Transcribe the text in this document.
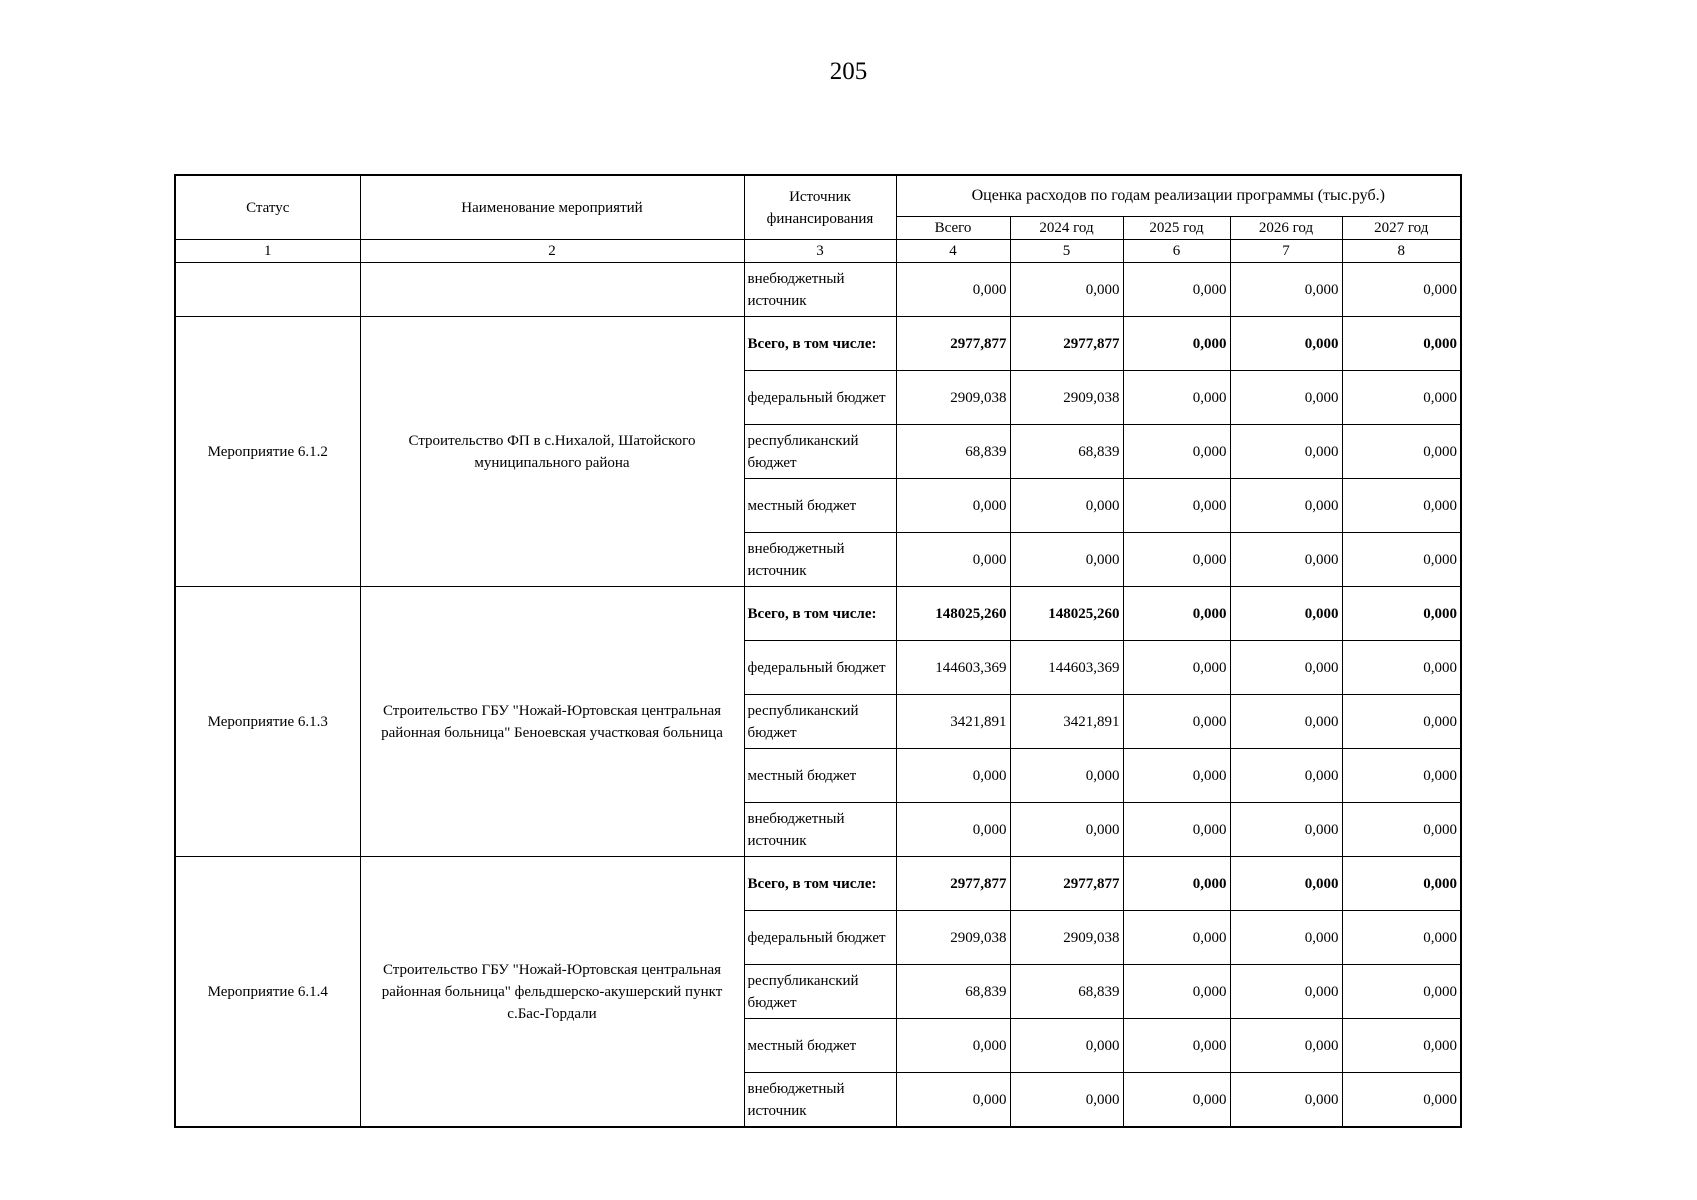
205
Статус	Наименование мероприятий	Источник финансирования	Оценка расходов по годам реализации программы (тыс.руб.)				
			Всего	2024 год	2025 год	2026 год	2027 год
1	2	3	4	5	6	7	8
		внебюджетный источник	0,000	0,000	0,000	0,000	0,000
Мероприятие 6.1.2	Строительство ФП в с.Нихалой, Шатойского муниципального района	Всего, в том числе:	2977,877	2977,877	0,000	0,000	0,000
		федеральный бюджет	2909,038	2909,038	0,000	0,000	0,000
		республиканский бюджет	68,839	68,839	0,000	0,000	0,000
		местный бюджет	0,000	0,000	0,000	0,000	0,000
		внебюджетный источник	0,000	0,000	0,000	0,000	0,000
Мероприятие 6.1.3	Строительство ГБУ "Ножай-Юртовская центральная районная больница" Беноевская участковая больница	Всего, в том числе:	148025,260	148025,260	0,000	0,000	0,000
		федеральный бюджет	144603,369	144603,369	0,000	0,000	0,000
		республиканский бюджет	3421,891	3421,891	0,000	0,000	0,000
		местный бюджет	0,000	0,000	0,000	0,000	0,000
		внебюджетный источник	0,000	0,000	0,000	0,000	0,000
Мероприятие 6.1.4	Строительство ГБУ "Ножай-Юртовская центральная районная больница" фельдшерско-акушерский пункт с.Бас-Гордали	Всего, в том числе:	2977,877	2977,877	0,000	0,000	0,000
		федеральный бюджет	2909,038	2909,038	0,000	0,000	0,000
		республиканский бюджет	68,839	68,839	0,000	0,000	0,000
		местный бюджет	0,000	0,000	0,000	0,000	0,000
		внебюджетный источник	0,000	0,000	0,000	0,000	0,000
